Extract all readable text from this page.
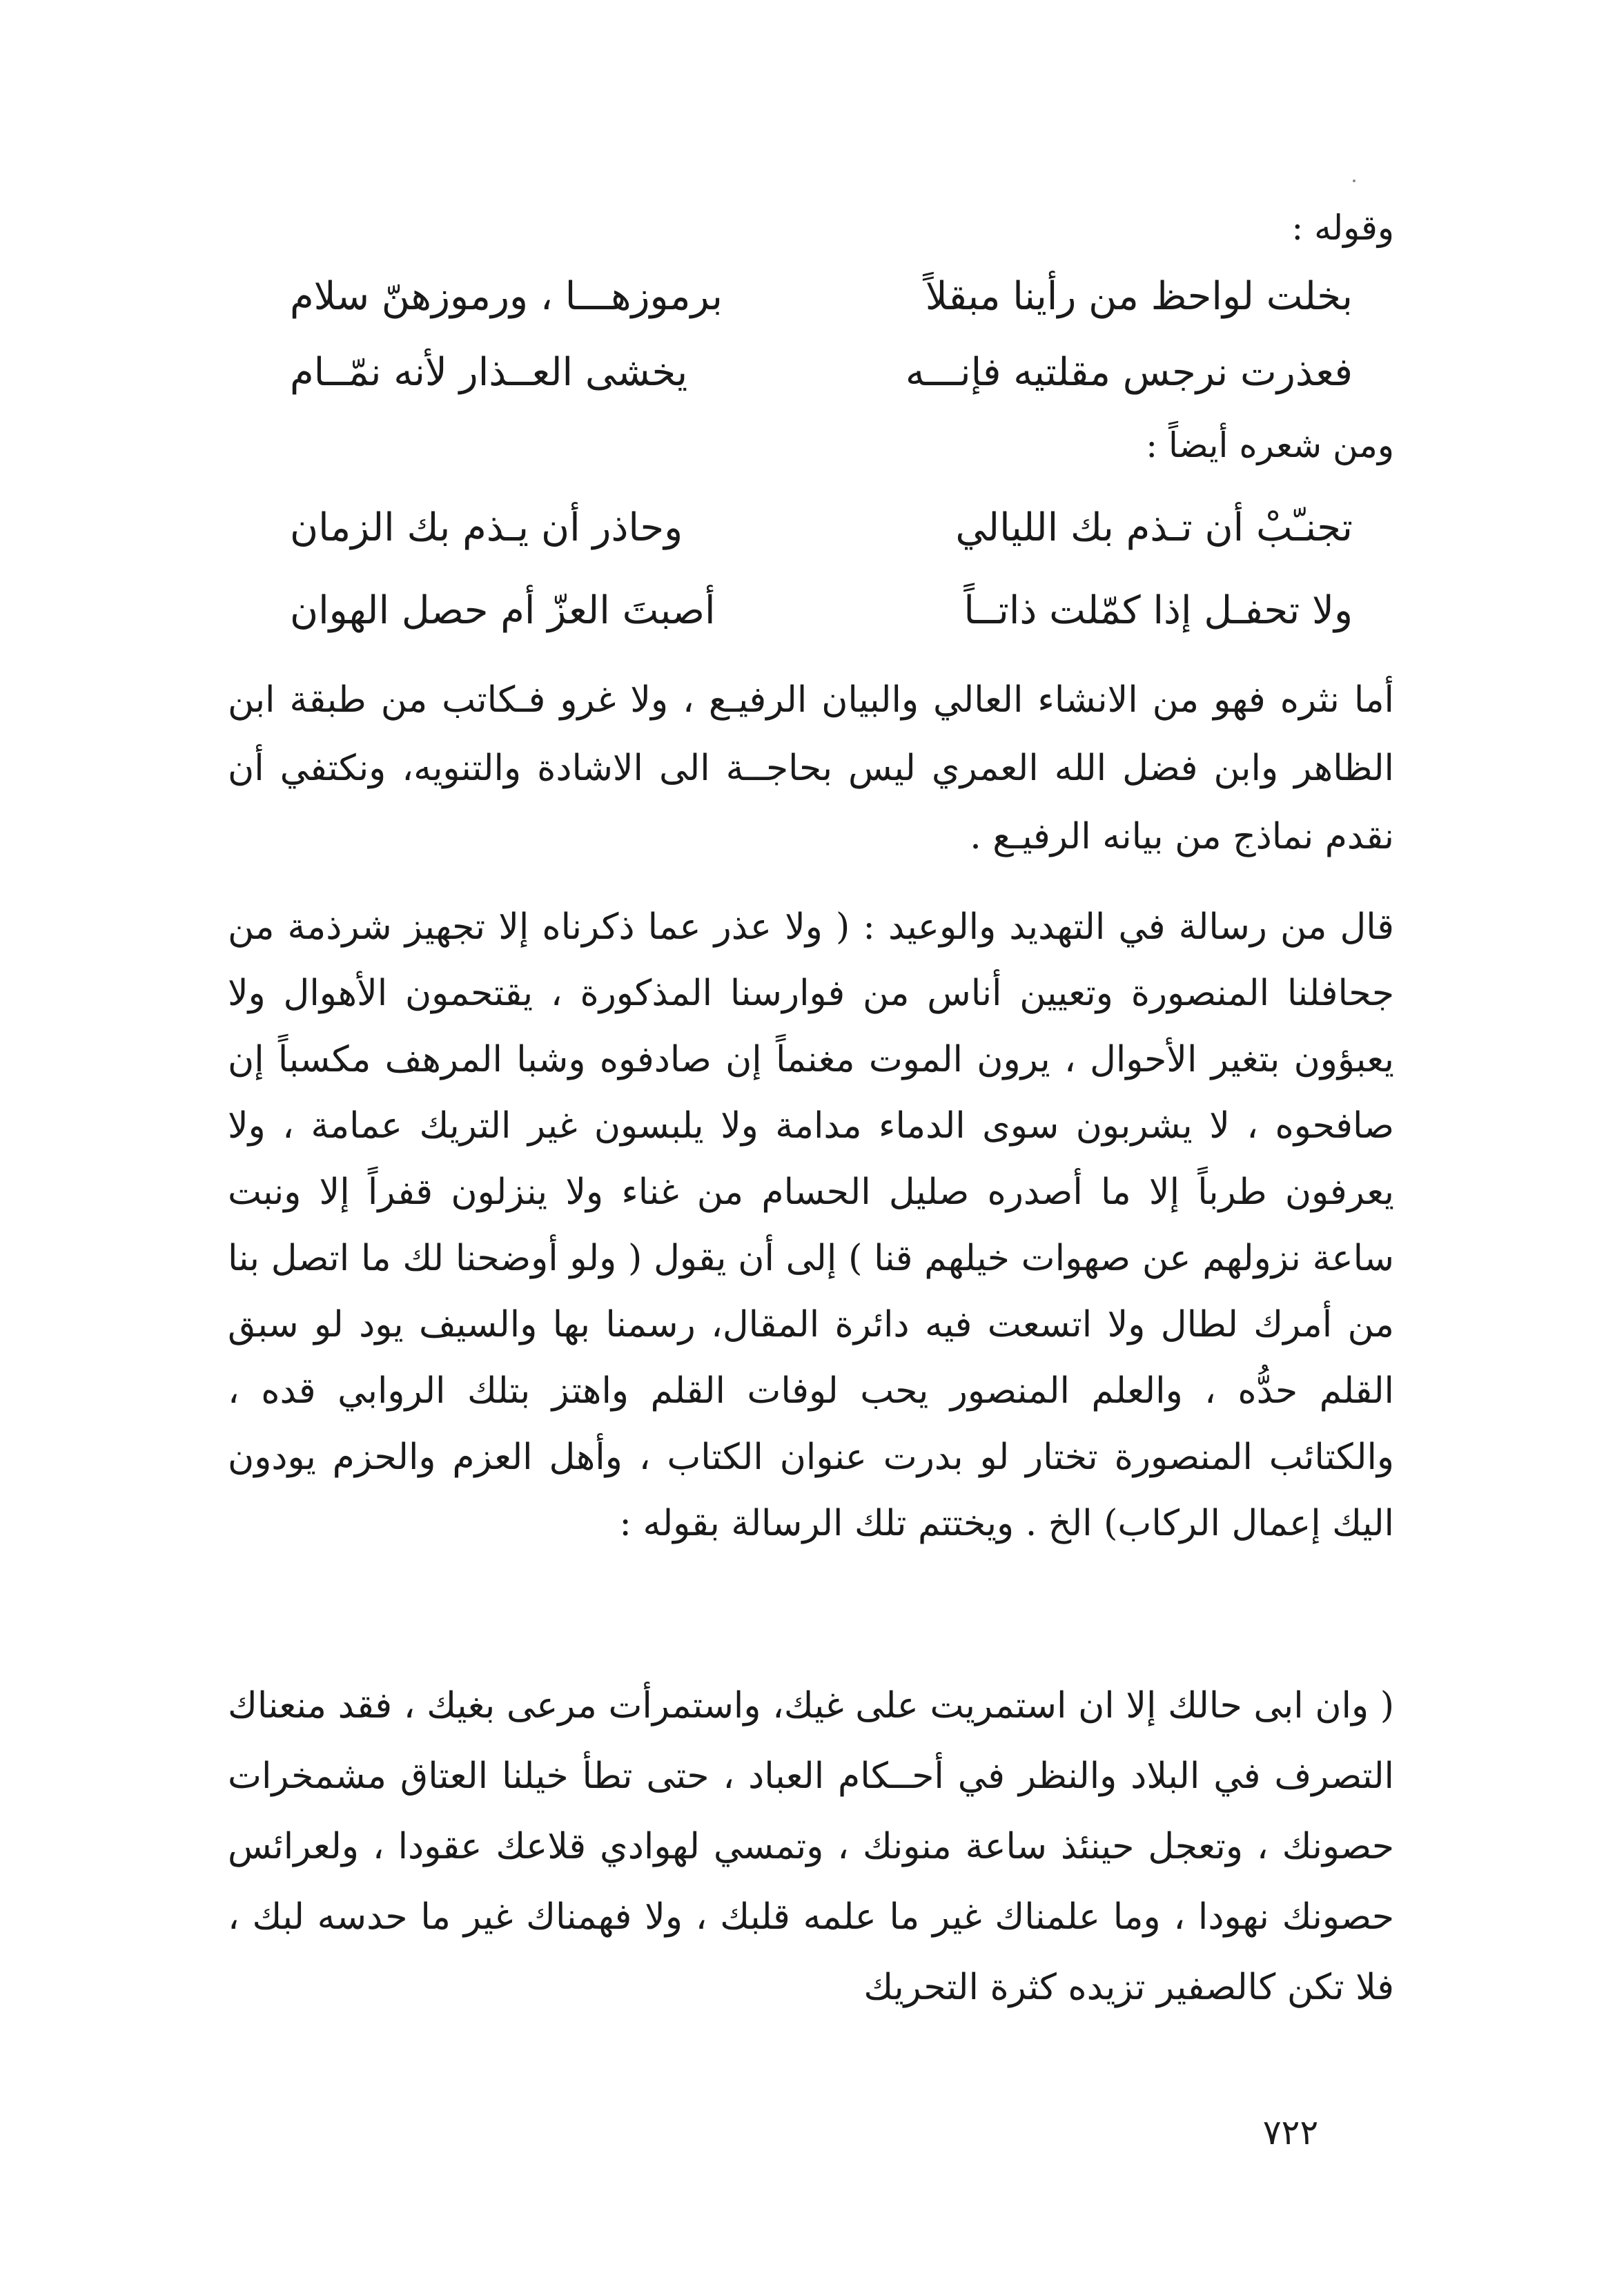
وقوله :
بخلت لواحظ من رأينا مبقلاً
برموزهـــا ، ورموزهنّ سلام
فعذرت نرجس مقلتيه فإنـــه
يخشى العــذار لأنه نمّــام
ومن شعره أيضاً :
تجنـّبْ أن تـذم بك الليالي
وحاذر أن يـذم بك الزمان
ولا تحفـل إذا كمّلت ذاتــاً
أصبتَ العزّ أم حصل الهوان

أما نثره فهو من الانشاء العالي والبيان الرفيـع ، ولا غرو فـكاتب من طبقة ابن الظاهر وابن فضل الله العمري ليس بحاجــة الى الاشادة والتنويه، ونكتفي أن نقدم نماذج من بيانه الرفيـع .

قال من رسالة في التهديد والوعيد : ( ولا عذر عما ذكرناه إلا تجهيز شرذمة من جحافلنا المنصورة وتعيين أناس من فوارسنا المذكورة ، يقتحمون الأهوال ولا يعبؤون بتغير الأحوال ، يرون الموت مغنماً إن صادفوه وشبا المرهف مكسباً إن صافحوه ، لا يشربون سوى الدماء مدامة ولا يلبسون غير التريك عمامة ، ولا يعرفون طرباً إلا ما أصدره صليل الحسام من غناء ولا ينزلون قفراً إلا ونبت ساعة نزولهم عن صهوات خيلهم قنا ) إلى أن يقول ( ولو أوضحنا لك ما اتصل بنا من أمرك لطال ولا اتسعت فيه دائرة المقال، رسمنا بها والسيف يود لو سبق القلم حدُّه ، والعلم المنصور يحب لوفات القلم واهتز بتلك الروابي قده ، والكتائب المنصورة تختار لو بدرت عنوان الكتاب ، وأهل العزم والحزم يودون اليك إعمال الركاب) الخ . ويختتم تلك الرسالة بقوله :

( وان ابى حالك إلا ان استمريت على غيك، واستمرأت مرعى بغيك ، فقد منعناك التصرف في البلاد والنظر في أحــكام العباد ، حتى تطأ خيلنا العتاق مشمخرات حصونك ، وتعجل حينئذ ساعة منونك ، وتمسي لهوادي قلاعك عقودا ، ولعرائس حصونك نهودا ، وما علمناك غير ما علمه قلبك ، ولا فهمناك غير ما حدسه لبك ، فلا تكن كالصفير تزيده كثرة التحريك

٧٢٢
